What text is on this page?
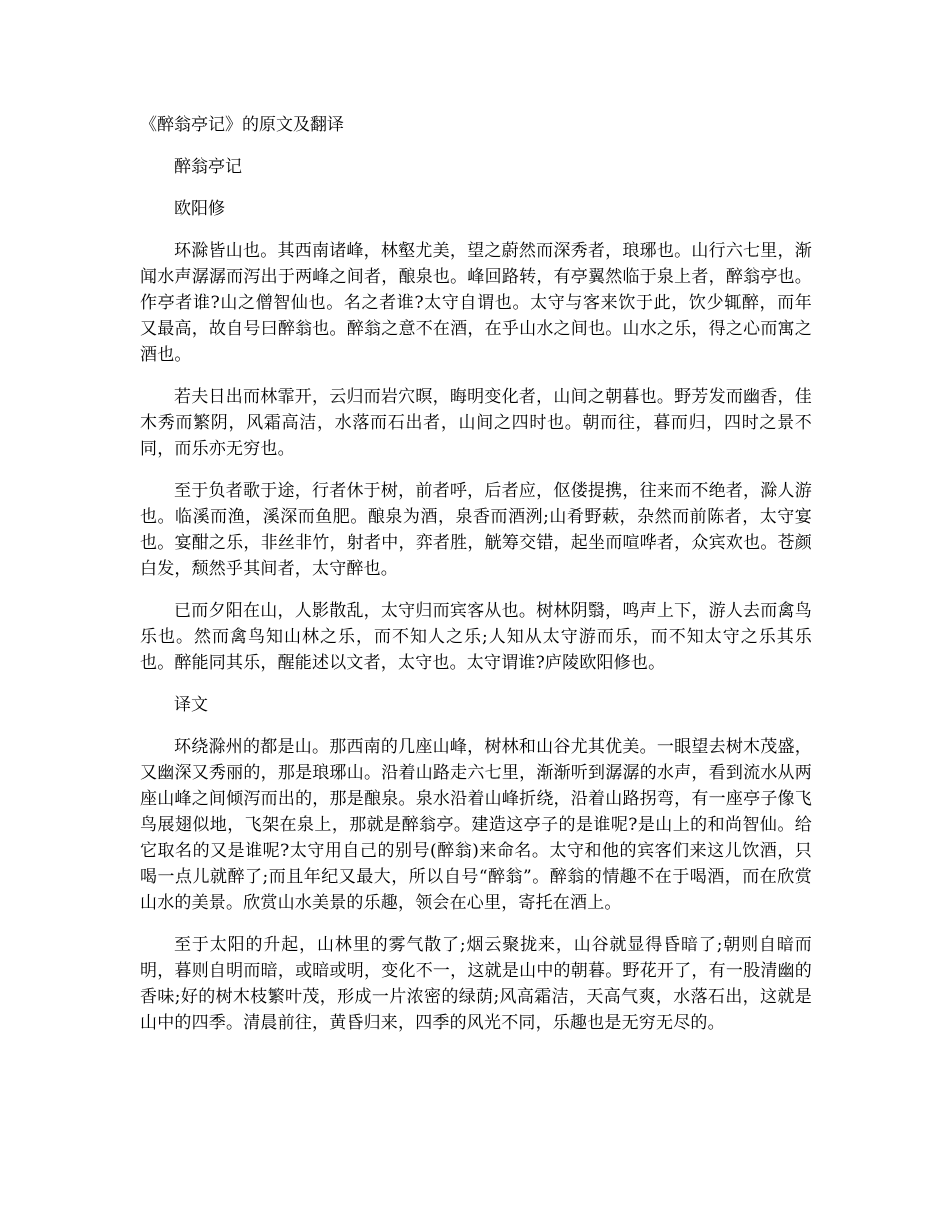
《醉翁亭记》的原文及翻译

醉翁亭记

欧阳修

环滁皆山也。其西南诸峰，林壑尤美，望之蔚然而深秀者，琅琊也。山行六七里，渐闻水声潺潺而泻出于两峰之间者，酿泉也。峰回路转，有亭翼然临于泉上者，醉翁亭也。作亭者谁?山之僧智仙也。名之者谁?太守自谓也。太守与客来饮于此，饮少辄醉，而年又最高，故自号曰醉翁也。醉翁之意不在酒，在乎山水之间也。山水之乐，得之心而寓之酒也。

若夫日出而林霏开，云归而岩穴暝，晦明变化者，山间之朝暮也。野芳发而幽香，佳木秀而繁阴，风霜高洁，水落而石出者，山间之四时也。朝而往，暮而归，四时之景不同，而乐亦无穷也。

至于负者歌于途，行者休于树，前者呼，后者应，伛偻提携，往来而不绝者，滁人游也。临溪而渔，溪深而鱼肥。酿泉为酒，泉香而酒洌;山肴野蔌，杂然而前陈者，太守宴也。宴酣之乐，非丝非竹，射者中，弈者胜，觥筹交错，起坐而喧哗者，众宾欢也。苍颜白发，颓然乎其间者，太守醉也。

已而夕阳在山，人影散乱，太守归而宾客从也。树林阴翳，鸣声上下，游人去而禽鸟乐也。然而禽鸟知山林之乐，而不知人之乐;人知从太守游而乐，而不知太守之乐其乐也。醉能同其乐，醒能述以文者，太守也。太守谓谁?庐陵欧阳修也。

译文

环绕滁州的都是山。那西南的几座山峰，树林和山谷尤其优美。一眼望去树木茂盛，又幽深又秀丽的，那是琅琊山。沿着山路走六七里，渐渐听到潺潺的水声，看到流水从两座山峰之间倾泻而出的，那是酿泉。泉水沿着山峰折绕，沿着山路拐弯，有一座亭子像飞鸟展翅似地，飞架在泉上，那就是醉翁亭。建造这亭子的是谁呢?是山上的和尚智仙。给它取名的又是谁呢?太守用自己的别号(醉翁)来命名。太守和他的宾客们来这儿饮酒，只喝一点儿就醉了;而且年纪又最大，所以自号“醉翁”。醉翁的情趣不在于喝酒，而在欣赏山水的美景。欣赏山水美景的乐趣，领会在心里，寄托在酒上。

至于太阳的升起，山林里的雾气散了;烟云聚拢来，山谷就显得昏暗了;朝则自暗而明，暮则自明而暗，或暗或明，变化不一，这就是山中的朝暮。野花开了，有一股清幽的香味;好的树木枝繁叶茂，形成一片浓密的绿荫;风高霜洁，天高气爽，水落石出，这就是山中的四季。清晨前往，黄昏归来，四季的风光不同，乐趣也是无穷无尽的。
